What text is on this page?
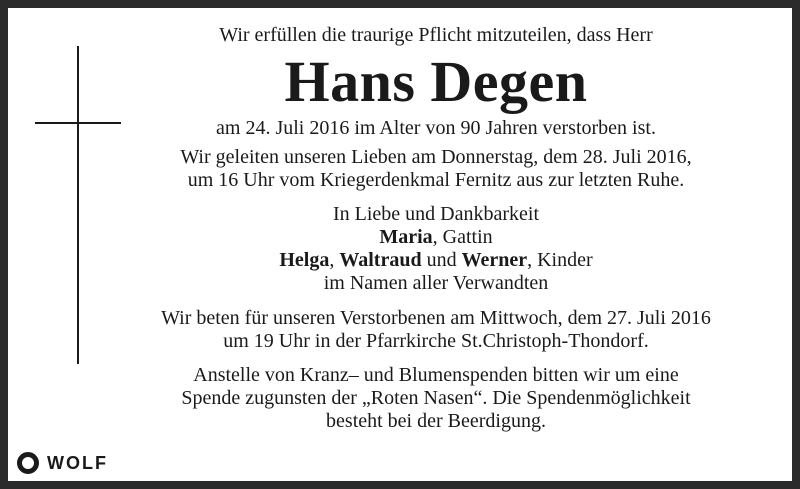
Wir erfüllen die traurige Pflicht mitzuteilen, dass Herr

Hans Degen

am 24. Juli 2016 im Alter von 90 Jahren verstorben ist.

Wir geleiten unseren Lieben am Donnerstag, dem 28. Juli 2016,

um 16 Uhr vom Kriegerdenkmal Fernitz aus zur letzten Ruhe.

In Liebe und Dankbarkeit

Maria, Gattin

Helga, Waltraud und Werner, Kinder

im Namen aller Verwandten

Wir beten für unseren Verstorbenen am Mittwoch, dem 27. Juli 2016

um 19 Uhr in der Pfarrkirche St.Christoph-Thondorf.

Anstelle von Kranz– und Blumenspenden bitten wir um eine

Spende zugunsten der „Roten Nasen“. Die Spendenmöglichkeit

besteht bei der Beerdigung.

WOLF
